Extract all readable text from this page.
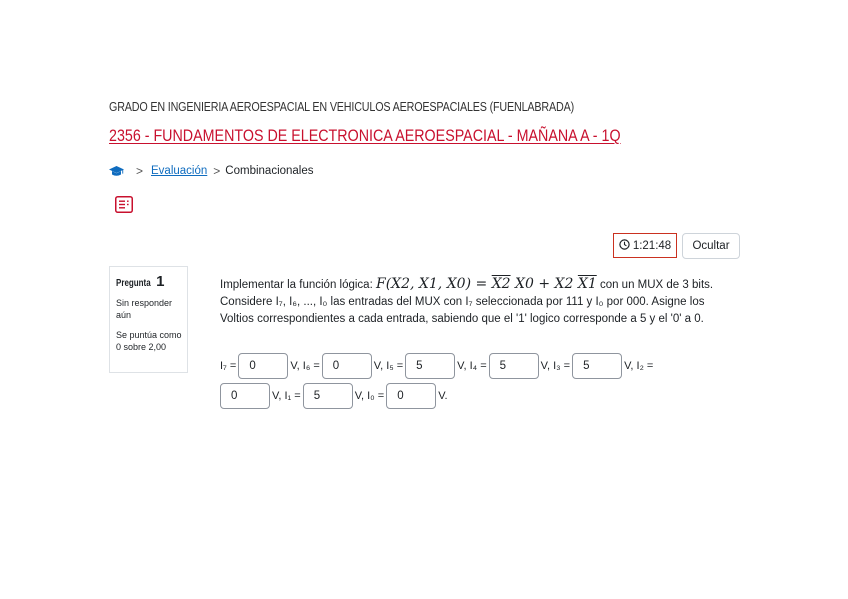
GRADO EN INGENIERIA AEROESPACIAL EN VEHICULOS AEROESPACIALES (FUENLABRADA)
2356 - FUNDAMENTOS DE ELECTRONICA AEROESPACIAL - MAÑANA A - 1Q
> Evaluación > Combinacionales
1:21:48	Ocultar
Pregunta 1
Sin responder aún
Se puntúa como 0 sobre 2,00
Implementar la función lógica: F(X2, X1, X0) = X2 X0 + X2 X1 con un MUX de 3 bits.
Considere I₇, I₆, ..., I₀ las entradas del MUX con I₇ seleccionada por 111 y I₀ por 000. Asigne los Voltios correspondientes a cada entrada, sabiendo que el '1' logico corresponde a 5 y el '0' a 0.
I₇ =
0	V, I₆ =
0	V, I₅ =
5	V, I₄ =
5	V, I₃ =
5	V, I₂ =
0
V, I₁ =
5	V, I₀ =
0	V.
